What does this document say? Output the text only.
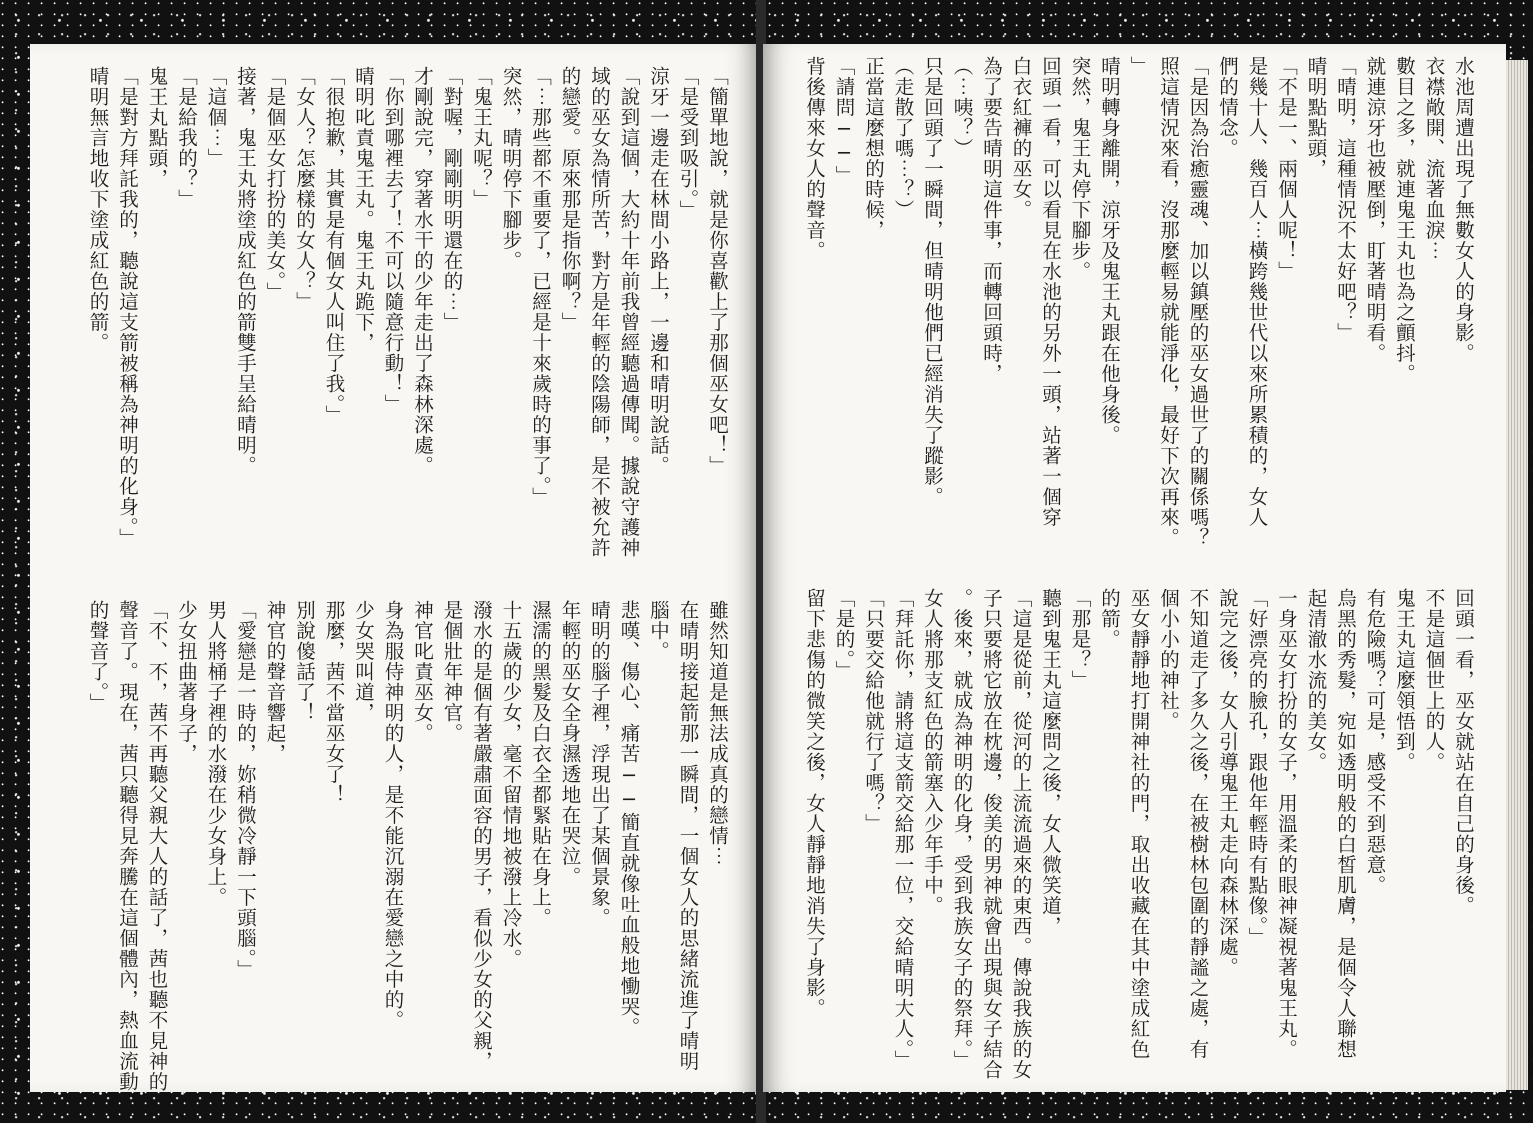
「簡單地說，就是你喜歡上了那個巫女吧！」
「是受到吸引。」
涼牙一邊走在林間小路上，一邊和晴明說話。
「說到這個，大約十年前我曾經聽過傳聞。據說守護神
域的巫女為情所苦，對方是年輕的陰陽師，是不被允許
的戀愛。原來那是指你啊？」
「⋯那些都不重要了，已經是十來歲時的事了。」
突然，晴明停下腳步。
「鬼王丸呢？」
「對喔，剛剛明明還在的⋯」
才剛說完，穿著水干的少年走出了森林深處。
「你到哪裡去了！不可以隨意行動！」
晴明叱責鬼王丸。鬼王丸跪下，
「很抱歉，其實是有個女人叫住了我。」
「女人？怎麼樣的女人？」
「是個巫女打扮的美女。」
接著，鬼王丸將塗成紅色的箭雙手呈給晴明。
「這個⋯」
「是給我的？」
鬼王丸點頭，
「是對方拜託我的，聽說這支箭被稱為神明的化身。」
晴明無言地收下塗成紅色的箭。
雖然知道是無法成真的戀情⋯
在晴明接起箭那一瞬間，一個女人的思緒流進了晴明
腦中。
悲嘆、傷心、痛苦──簡直就像吐血般地慟哭。
晴明的腦子裡，浮現出了某個景象。
年輕的巫女全身濕透地在哭泣。
濕濡的黑髮及白衣全都緊貼在身上。
十五歲的少女，毫不留情地被潑上冷水。
潑水的是個有著嚴肅面容的男子，看似少女的父親，
是個壯年神官。
神官叱責巫女。
身為服侍神明的人，是不能沉溺在愛戀之中的。
少女哭叫道，
那麼，茜不當巫女了！
別說傻話了！
神官的聲音響起，
「愛戀是一時的，妳稍微冷靜一下頭腦。」
男人將桶子裡的水潑在少女身上。
少女扭曲著身子，
「不、不，茜不再聽父親大人的話了，茜也聽不見神的
聲音了。現在，茜只聽得見奔騰在這個體內，熱血流動
的聲音了。」
水池周遭出現了無數女人的身影。
衣襟敞開、流著血淚⋯
數目之多，就連鬼王丸也為之顫抖。
就連涼牙也被壓倒，盯著晴明看。
「晴明，這種情況不太好吧？」
晴明點點頭，
「不是一、兩個人呢！」
是幾十人、幾百人⋯橫跨幾世代以來所累積的，女人
們的情念。
「是因為治癒靈魂、加以鎮壓的巫女過世了的關係嗎？
照這情況來看，沒那麼輕易就能淨化，最好下次再來。
」
晴明轉身離開，涼牙及鬼王丸跟在他身後。
突然，鬼王丸停下腳步。
回頭一看，可以看見在水池的另外一頭，站著一個穿
白衣紅褲的巫女。
為了要告晴明這件事，而轉回頭時，
（⋯咦？）
只是回頭了一瞬間，但晴明他們已經消失了蹤影。
（走散了嗎⋯？）
正當這麼想的時候，
「請問──」
背後傳來女人的聲音。
回頭一看，巫女就站在自己的身後。
不是這個世上的人。
鬼王丸這麼領悟到。
有危險嗎？可是，感受不到惡意。
烏黑的秀髮，宛如透明般的白皙肌膚，是個令人聯想
起清澈水流的美女。
一身巫女打扮的女子，用溫柔的眼神凝視著鬼王丸。
「好漂亮的臉孔，跟他年輕時有點像。」
說完之後，女人引導鬼王丸走向森林深處。
不知道走了多久之後，在被樹林包圍的靜謐之處，有
個小小的神社。
巫女靜靜地打開神社的門，取出收藏在其中塗成紅色
的箭。
「那是？」
聽到鬼王丸這麼問之後，女人微笑道，
「這是從前，從河的上流流過來的東西。傳說我族的女
子只要將它放在枕邊，俊美的男神就會出現與女子結合
。後來，就成為神明的化身，受到我族女子的祭拜。」
女人將那支紅色的箭塞入少年手中。
「拜託你，請將這支箭交給那一位，交給晴明大人。」
「只要交給他就行了嗎？」
「是的。」
留下悲傷的微笑之後，女人靜靜地消失了身影。
